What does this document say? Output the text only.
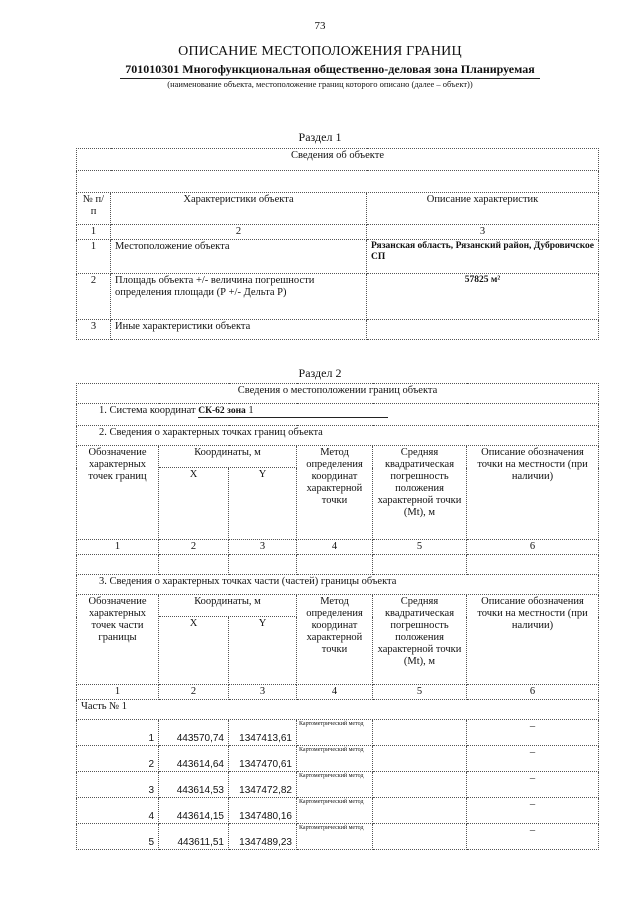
73
ОПИСАНИЕ МЕСТОПОЛОЖЕНИЯ ГРАНИЦ
701010301 Многофункциональная общественно-деловая зона Планируемая
(наименование объекта, местоположение границ которого описано (далее – объект))
Раздел 1
Сведения об объекте		

№ п/п	Характеристики объекта	Описание характеристик
1	2	3
1	Местоположение объекта	Рязанская область, Рязанский район, Дубровичское СП
2	Площадь объекта +/- величина погрешности определения площади (Р +/- Дельта Р)	57825 м²
3	Иные характеристики объекта	
Раздел 2
Сведения о местоположении границ объекта					
1. Система координат СК-62 зона 1					
2. Сведения о характерных точках границ объекта					
Обозначение характерных точек границ	Координаты, м		Метод определения координат характерной точки	Средняя квадратическая погрешность положения характерной точки (Mt), м	Описание обозначения точки на местности (при наличии)
	X	Y			
1	2	3	4	5	6

3. Сведения о характерных точках части (частей) границы объекта					
Обозначение характерных точек части границы	Координаты, м		Метод определения координат характерной точки	Средняя квадратическая погрешность положения характерной точки (Mt), м	Описание обозначения точки на местности (при наличии)
	X	Y			
1	2	3	4	5	6
Часть № 1					
1	443570,74	1347413,61	Картометрический метод		–
2	443614,64	1347470,61	Картометрический метод		–
3	443614,53	1347472,82	Картометрический метод		–
4	443614,15	1347480,16	Картометрический метод		–
5	443611,51	1347489,23	Картометрический метод		–
